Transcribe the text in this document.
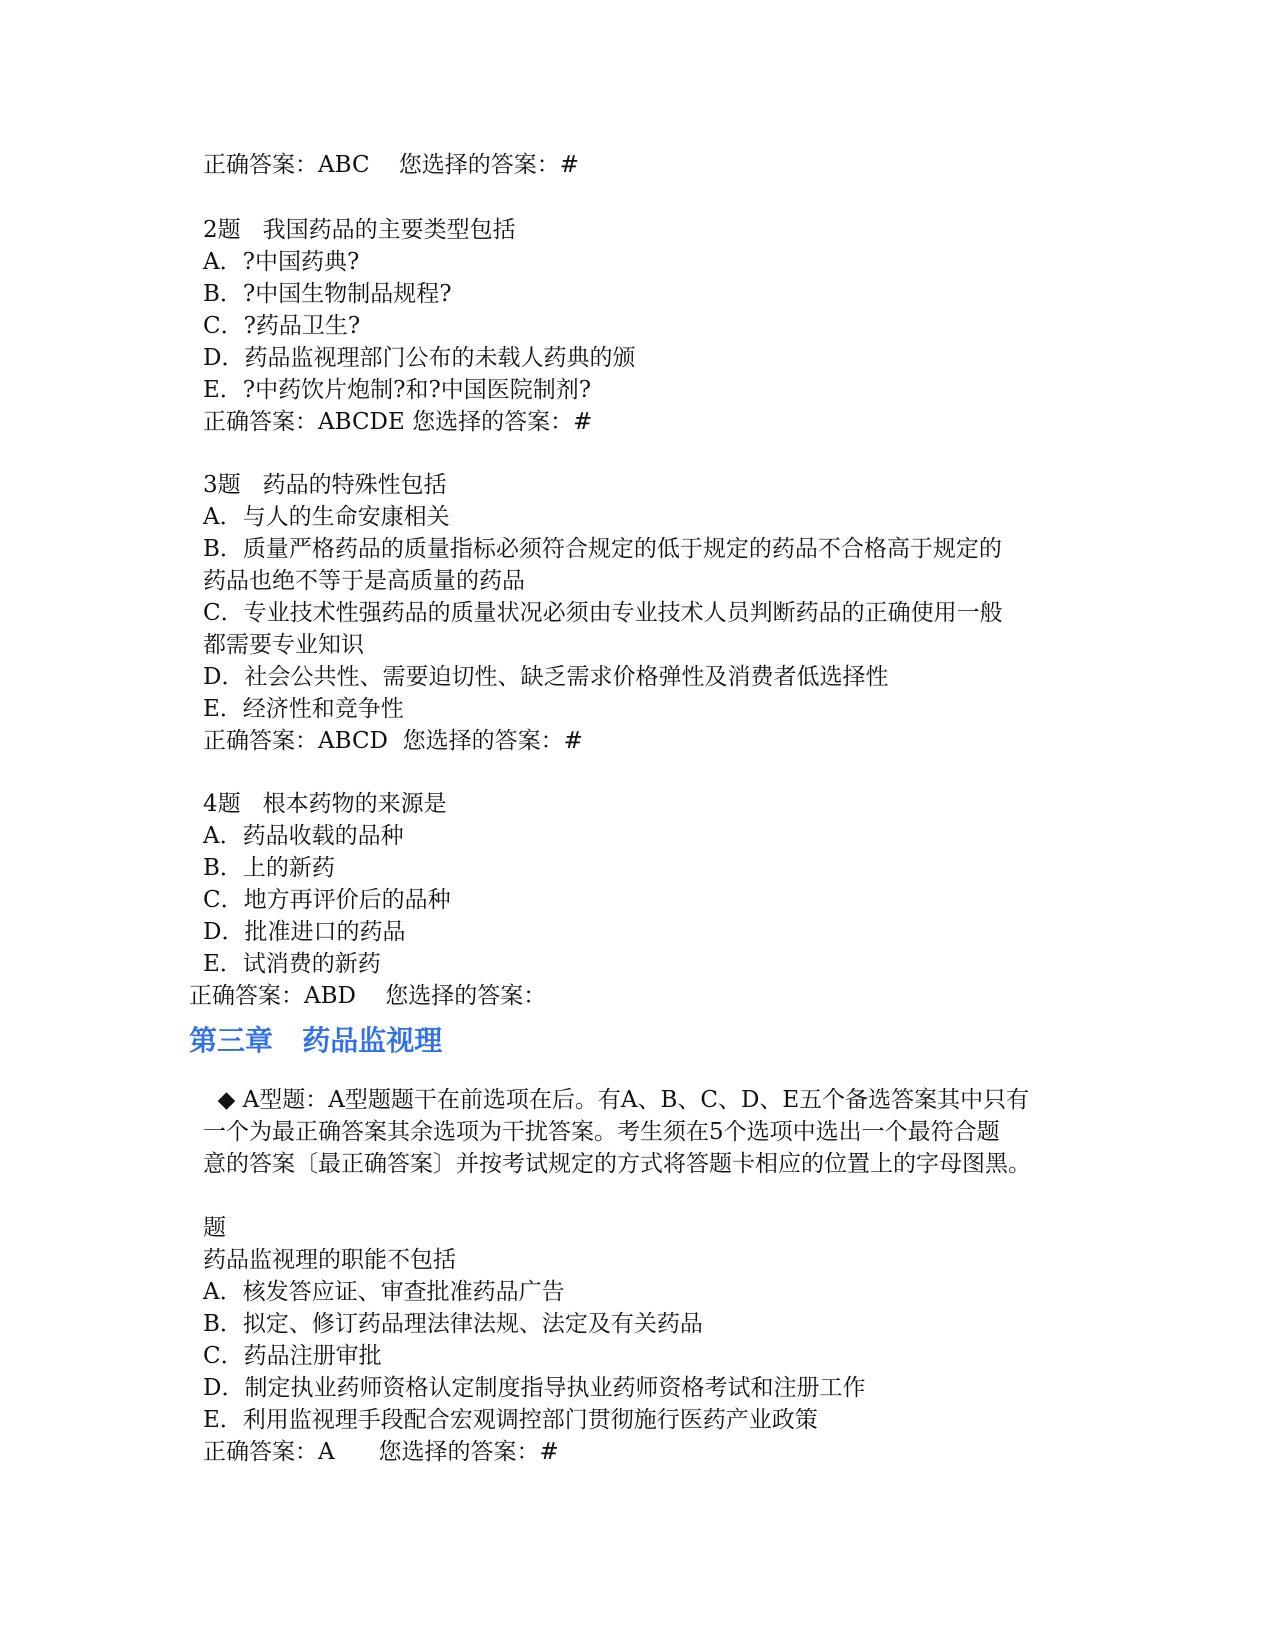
正确答案：ABC    您选择的答案：#
2题   我国药品的主要类型包括
A．?中国药典?
B．?中国生物制品规程?
C．?药品卫生?
D．药品监视理部门公布的未载人药典的颁
E．?中药饮片炮制?和?中国医院制剂?
正确答案：ABCDE 您选择的答案：#
3题   药品的特殊性包括
A．与人的生命安康相关
B．质量严格药品的质量指标必须符合规定的低于规定的药品不合格高于规定的
药品也绝不等于是高质量的药品
C．专业技术性强药品的质量状况必须由专业技术人员判断药品的正确使用一般
都需要专业知识
D．社会公共性、需要迫切性、缺乏需求价格弹性及消费者低选择性
E．经济性和竞争性
正确答案：ABCD  您选择的答案：#
4题   根本药物的来源是
A．药品收载的品种
B．上的新药
C．地方再评价后的品种
D．批准进口的药品
E．试消费的新药
正确答案：ABD    您选择的答案：
第三章   药品监视理
◆ A型题：A型题题干在前选项在后。有A、B、C、D、E五个备选答案其中只有
一个为最正确答案其余选项为干扰答案。考生须在5个选项中选出一个最符合题
意的答案〔最正确答案〕并按考试规定的方式将答题卡相应的位置上的字母图黑。
题
药品监视理的职能不包括
A．核发答应证、审查批准药品广告
B．拟定、修订药品理法律法规、法定及有关药品
C．药品注册审批
D．制定执业药师资格认定制度指导执业药师资格考试和注册工作
E．利用监视理手段配合宏观调控部门贯彻施行医药产业政策
正确答案：A      您选择的答案：#
